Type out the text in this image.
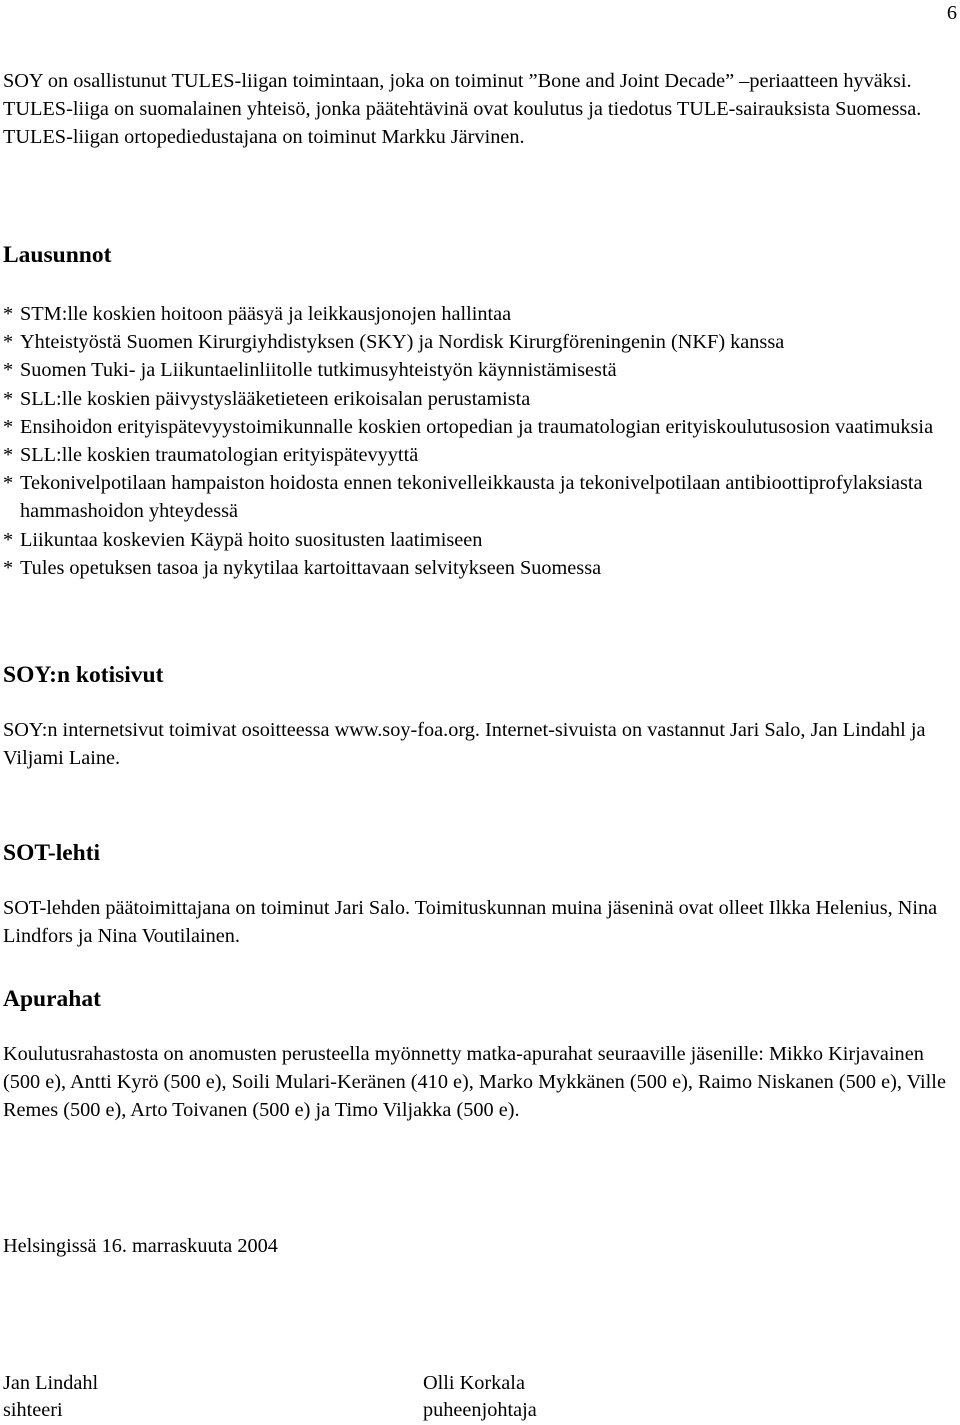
6

SOY on osallistunut TULES-liigan toimintaan, joka on toiminut ”Bone and Joint Decade” –periaatteen hyväksi. TULES-liiga on suomalainen yhteisö, jonka päätehtävinä ovat koulutus ja tiedotus TULE-sairauksista Suomessa. TULES-liigan ortopediedustajana on toiminut Markku Järvinen.

Lausunnot
* STM:lle koskien hoitoon pääsyä ja leikkausjonojen hallintaa
* Yhteistyöstä Suomen Kirurgiyhdistyksen (SKY) ja Nordisk Kirurgföreningenin (NKF) kanssa
* Suomen Tuki- ja Liikuntaelinliitolle tutkimusyhteistyön käynnistämisestä
* SLL:lle koskien päivystyslääketieteen erikoisalan perustamista
* Ensihoidon erityispätevyystoimikunnalle koskien ortopedian ja traumatologian erityiskoulutusosion vaatimuksia
* SLL:lle koskien traumatologian erityispätevyyttä
* Tekonivelpotilaan hampaiston hoidosta ennen tekonivelleikkausta ja tekonivelpotilaan antibioottiprofylaksiasta hammashoidon yhteydessä
* Liikuntaa koskevien Käypä hoito suositusten laatimiseen
* Tules opetuksen tasoa ja nykytilaa kartoittavaan selvitykseen Suomessa
SOY:n kotisivut

SOY:n internetsivut toimivat osoitteessa www.soy-foa.org. Internet-sivuista on vastannut Jari Salo, Jan Lindahl ja Viljami Laine.

SOT-lehti

SOT-lehden päätoimittajana on toiminut Jari Salo. Toimituskunnan muina jäseninä ovat olleet Ilkka Helenius, Nina Lindfors ja Nina Voutilainen.

Apurahat

Koulutusrahastosta on anomusten perusteella myönnetty matka-apurahat seuraaville jäsenille: Mikko Kirjavainen (500 e), Antti Kyrö (500 e), Soili Mulari-Keränen (410 e), Marko Mykkänen (500 e), Raimo Niskanen (500 e), Ville Remes (500 e), Arto Toivanen (500 e) ja Timo Viljakka (500 e).

Helsingissä 16. marraskuuta 2004

Jan Lindahl
sihteeri
Olli Korkala
puheenjohtaja
